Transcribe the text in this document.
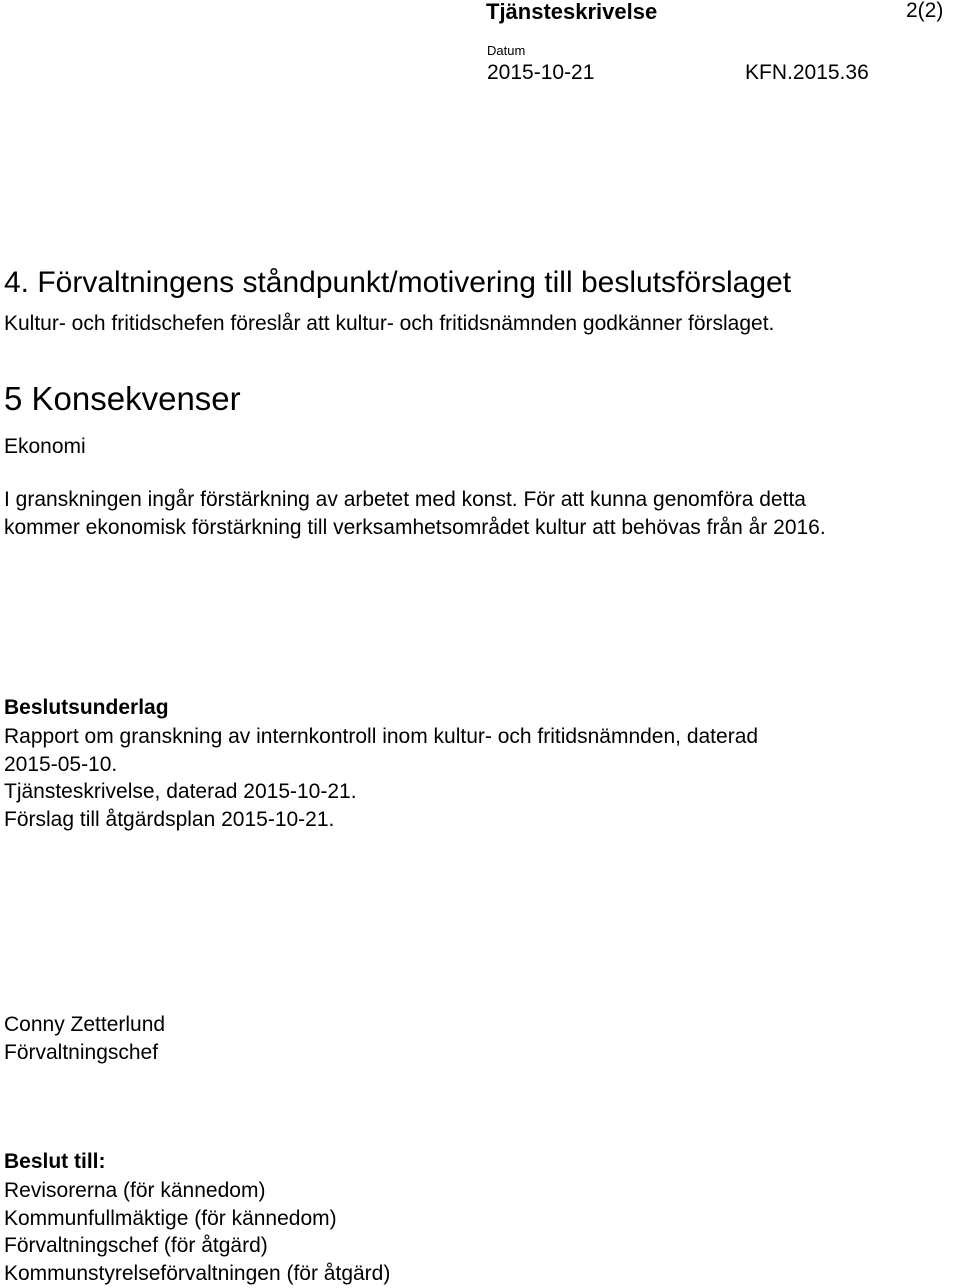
Tjänsteskrivelse	2(2)
Datum
2015-10-21	KFN.2015.36
4. Förvaltningens ståndpunkt/motivering till beslutsförslaget
Kultur- och fritidschefen föreslår att kultur- och fritidsnämnden godkänner förslaget.
5 Konsekvenser
Ekonomi
I granskningen ingår förstärkning av arbetet med konst. För att kunna genomföra detta
kommer ekonomisk förstärkning till verksamhetsområdet kultur att behövas från år 2016.
Beslutsunderlag
Rapport om granskning av internkontroll inom kultur- och fritidsnämnden, daterad
2015-05-10.
Tjänsteskrivelse, daterad 2015-10-21.
Förslag till åtgärdsplan 2015-10-21.
Conny Zetterlund
Förvaltningschef
Beslut till:
Revisorerna (för kännedom)
Kommunfullmäktige (för kännedom)
Förvaltningschef (för åtgärd)
Kommunstyrelseförvaltningen (för åtgärd)
